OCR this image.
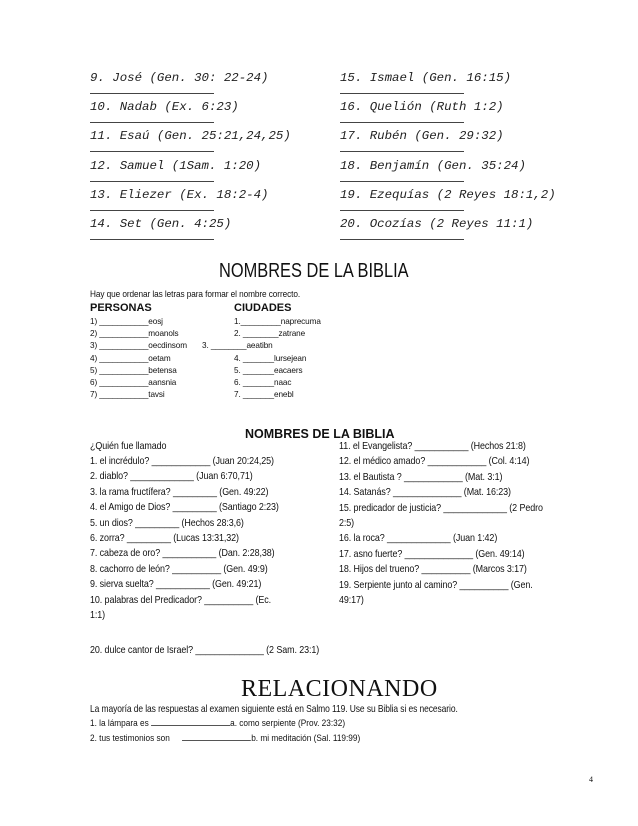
9. José (Gen. 30: 22-24)
10. Nadab (Ex. 6:23)
11. Esaú (Gen. 25:21,24,25)
12. Samuel (1Sam. 1:20)
13. Eliezer (Ex. 18:2-4)
14. Set (Gen. 4:25)
15. Ismael (Gen. 16:15)
16. Quelión (Ruth 1:2)
17. Rubén (Gen. 29:32)
18. Benjamín (Gen. 35:24)
19. Ezequías (2 Reyes 18:1,2)
20. Ocozías (2 Reyes 11:1)
NOMBRES DE LA BIBLIA
Hay que ordenar las letras para formar el nombre correcto.
PERSONAS	CIUDADES
1) ___________eosj
2) ___________moanols
3) ___________oecdinsom
4) ___________oetam
5) ___________betensa
6) ___________aansnia
7) ___________tavsi
1._________naprecuma
2. ________zatrane
3. ________aeatibn
4. _______lursejean
5. _______eacaers
6. _______naac
7. _______enebl
NOMBRES DE LA BIBLIA
¿Quién fue llamado
1. el incrédulo? ____________ (Juan 20:24,25)
2. diablo? _____________ (Juan 6:70,71)
3. la rama fructífera? _________ (Gen. 49:22)
4. el Amigo de Dios? _________ (Santiago 2:23)
5. un dios? _________ (Hechos 28:3,6)
6. zorra? _________ (Lucas 13:31,32)
7. cabeza de oro? ___________ (Dan. 2:28,38)
8. cachorro de león? __________ (Gen. 49:9)
9. sierva suelta? ___________ (Gen. 49:21)
10. palabras del Predicador? __________ (Ec.
1:1)
20. dulce cantor de Israel? ______________ (2 Sam. 23:1)
11. el Evangelista? ___________ (Hechos 21:8)
12. el médico amado? ____________ (Col. 4:14)
13. el Bautista ? ____________ (Mat. 3:1)
14. Satanás? ______________ (Mat. 16:23)
15. predicador de justicia? _____________ (2 Pedro
2:5)
16. la roca? _____________ (Juan 1:42)
17. asno fuerte? ______________ (Gen. 49:14)
18. Hijos del trueno? __________ (Marcos 3:17)
19. Serpiente junto al camino? __________ (Gen.
49:17)
RELACIONANDO
La mayoría de las respuestas al examen siguiente está en Salmo 119. Use su Biblia si es necesario.
1. la lámpara es	a. como serpiente (Prov. 23:32)
2. tus testimonios son	b. mi meditación (Sal. 119:99)
4
